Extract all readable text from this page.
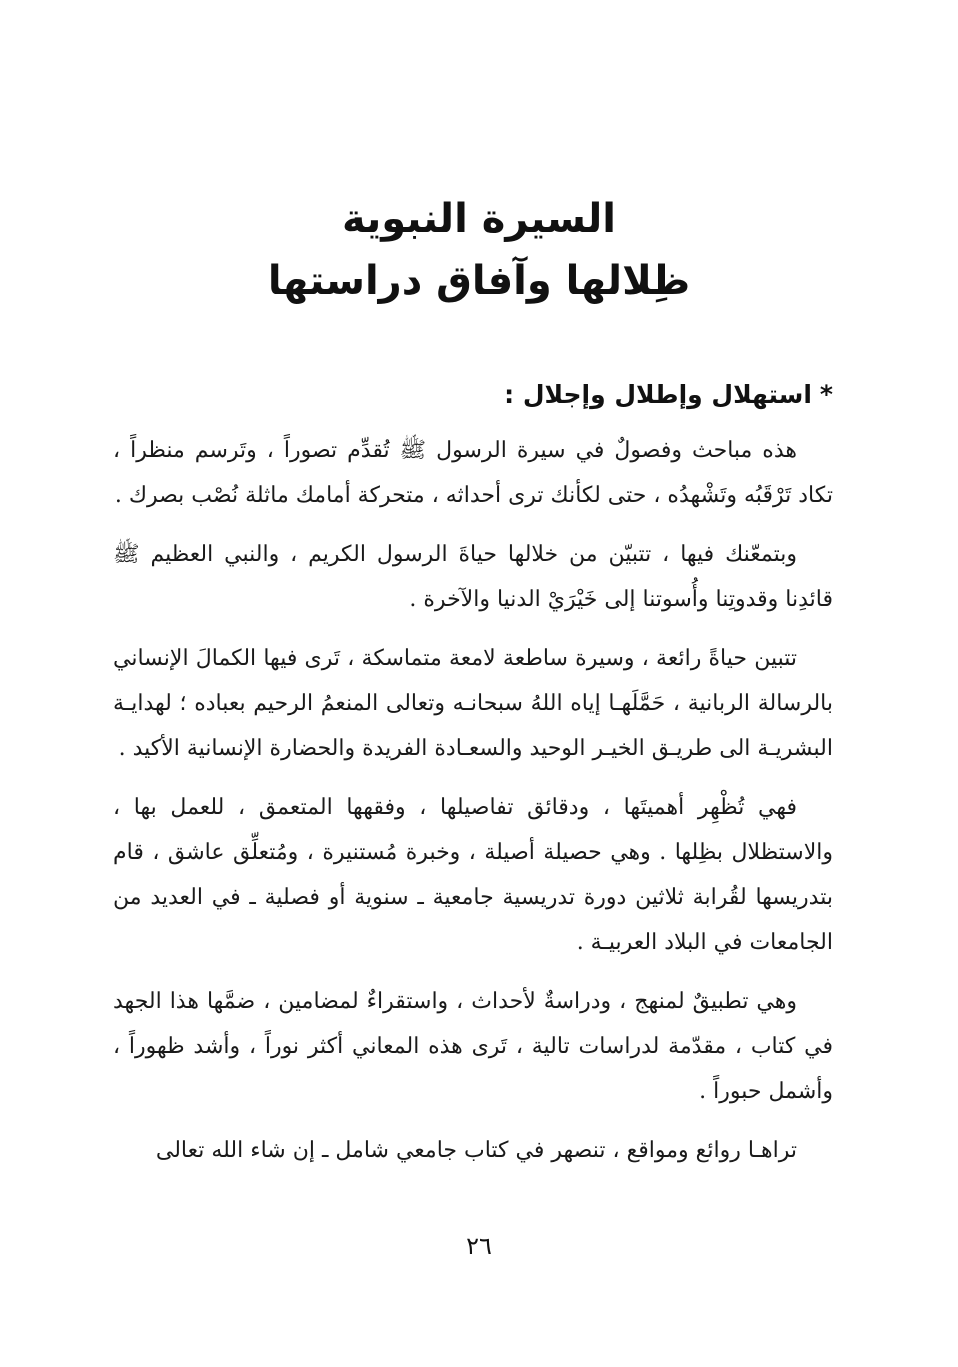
السيرة النبوية
ظِلالها وآفاق دراستها
*استهلال وإطلال وإجلال :

هذه مباحث وفصولٌ في سيرة الرسول ﷺ تُقدِّم تصوراً ، وتَرسم منظراً ، تكاد تَرْقَبُه وتَشْهدُه ، حتى لكأنك ترى أحداثه ، متحركة أمامك ماثلة نُصْب بصرك .

وبتمعّنك فيها ، تتبيّن من خلالها حياةَ الرسول الكريم ، والنبي العظيم ﷺ قائدِنا وقدوتِنا وأُسوتنا إلى خَيْرَيْ الدنيا والآخرة .

تتبين حياةً رائعة ، وسيرة ساطعة لامعة متماسكة ، تَرى فيها الكمالَ الإنساني بالرسالة الربانية ، حَمَّلَهـا إياه اللهُ سبحانـه وتعالى المنعمُ الرحيم بعباده ؛ لهدايـة البشريـة الى طريـق الخيـر الوحيد والسعـادة الفريدة والحضارة الإنسانية الأكيد .

فهي تُظْهِر أهميتَها ، ودقائق تفاصيلها ، وفقهها المتعمق ، للعمل بها ، والاستظلال بظِلها . وهي حصيلة أصيلة ، وخبرة مُستنيرة ، ومُتعلِّق عاشق ، قام بتدريسها لقُرابة ثلاثين دورة تدريسية جامعية ـ سنوية أو فصلية ـ في العديد من الجامعات في البلاد العربيـة .

وهي تطبيقٌ لمنهج ، ودراسةٌ لأحداث ، واستقراءٌ لمضامين ، ضمَّها هذا الجهد في كتاب ، مقدّمة لدراسات تالية ، تَرى هذه المعاني أكثر نوراً ، وأشد ظهوراً ، وأشمل حبوراً .

تراهـا روائع ومواقع ، تنصهر في كتاب جامعي شامل ـ إن شاء الله تعالى

٢٦
